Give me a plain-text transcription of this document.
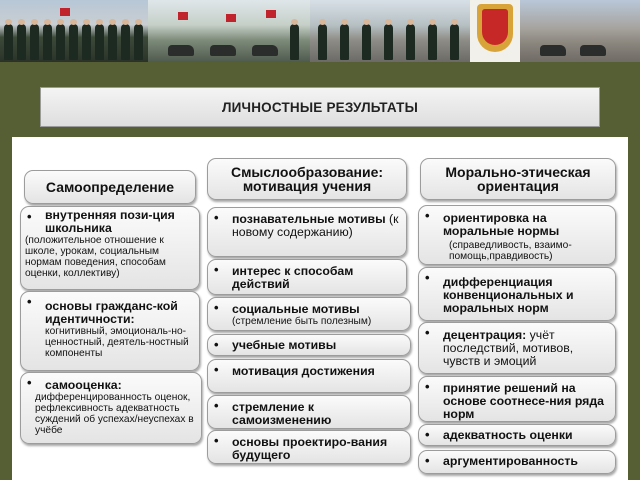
ЛИЧНОСТНЫЕ РЕЗУЛЬТАТЫ
Самоопределение
•	внутренняя пози-ция школьника
(положительное отношение к школе, урокам, социальным нормам поведения, способам оценки, коллективу)
•	основы гражданс-кой идентичности:
когнитивный, эмоциональ-но-ценностный, деятель-ностный компоненты
•	самооценка:
дифференцированность оценок, рефлексивность адекватность суждений об успехах/неуспехах в учёбе
Смыслообразование: мотивация учения
•	познавательные мотивы (к новому содержанию)
•	интерес к способам действий
•	социальные мотивы
(стремление быть полезным)
•	учебные мотивы
•	мотивация достижения
•	стремление к самоизменению
•	основы проектиро-вания будущего
Морально-этическая ориентация
•	ориентировка на моральные нормы
(справедливость, взаимо-помощь,правдивость)
•	дифференциация конвенциональных и моральных норм
•	децентрация: учёт последствий, мотивов, чувств и эмоций
•	принятие решений на основе соотнесе-ния ряда норм
•	адекватность оценки
•	аргументированность
